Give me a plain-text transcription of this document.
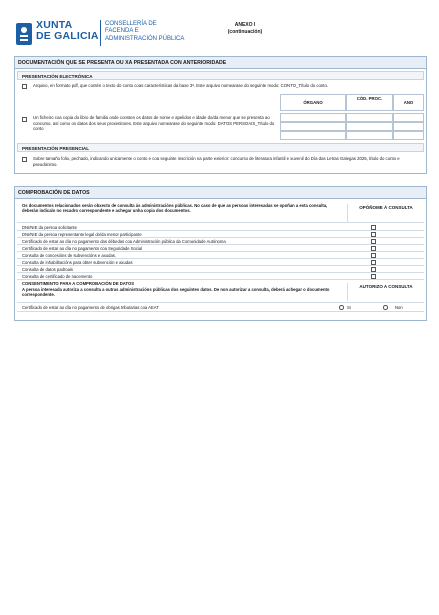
XUNTA
DE GALICIA
CONSELLERÍA DE
FACENDA E
ADMINISTRACIÓN PÚBLICA
ANEXO I
(continuación)
DOCUMENTACIÓN QUE SE PRESENTA OU XA PRESENTADA CON ANTERIORIDADE
PRESENTACIÓN ELECTRÓNICA
Arquivo, en formato pdf, que contén o texto do conto coas características da base 3ª. Este arquivo nomearase do seguinte modo: CONTO_Título do conto.
ÓRGANO
CÓD. PROC.
ANO
Un ficheiro coa copia do libro de familia onde consten os datos de nome e apelidos e idade do/da menor que se presenta ao concurso, así como os datos dos seus proxenitores. Este arquivo nomearase do seguinte modo: DATOS PERSOAIS_Título do conto
PRESENTACIÓN PRESENCIAL
Sobre tamaño folio, pechado, indicando unicamente o conto e coa seguinte inscrición na parte exterior: concurso de literatura infantil e xuvenil do Día das Letras Galegas 2025, título do conto e pseudónimo.
COMPROBACIÓN DE DATOS
Os documentos relacionados serán obxecto de consulta ás administracións públicas. No caso de que as persoas interesadas se opoñan a esta consulta, deberán indicalo no recadro correspondente e achegar unha copia dos documentos.
OPÓÑOME Á CONSULTA
DNI/NIE da persoa solicitante
DNI/NIE da persoa representante legal do/da menor participante
Certificado de estar ao día no pagamento das débedas coa Administración pública da Comunidade Autónoma
Certificado de estar ao día no pagamento coa Seguridade Social
Consulta de concesións de subvencións e axudas.
Consulta de inhabilitacións para obter subvención e axudas
Consulta de datos padroais
Consulta de certificado de nacemento
CONSENTIMENTO PARA A COMPROBACIÓN DE DATOS
A persoa interesada autoriza a consulta a outras administracións públicas dos seguintes datos. De non autorizar a consulta, deberá achegar o documento correspondente.
AUTORIZO A CONSULTA
Certificado de estar ao día no pagamento de obrigas tributarias coa AEAT	Si	Non
